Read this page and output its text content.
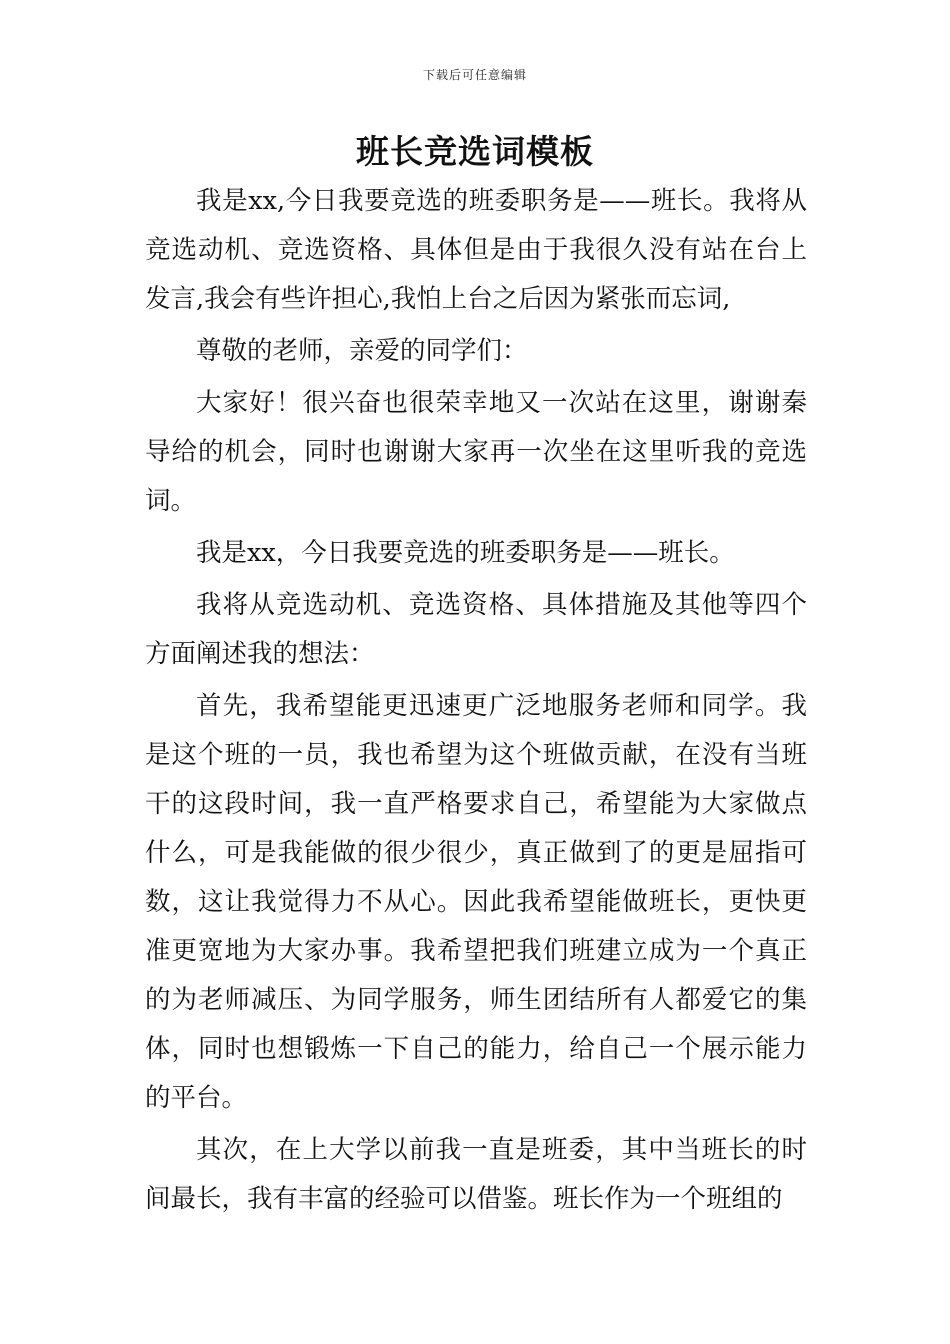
下载后可任意编辑
班长竞选词模板

我是xx,今日我要竞选的班委职务是——班长。我将从竞选动机、竞选资格、具体但是由于我很久没有站在台上发言,我会有些许担心,我怕上台之后因为紧张而忘词,

尊敬的老师，亲爱的同学们：

大家好！很兴奋也很荣幸地又一次站在这里，谢谢秦导给的机会，同时也谢谢大家再一次坐在这里听我的竞选词。

我是xx，今日我要竞选的班委职务是——班长。

我将从竞选动机、竞选资格、具体措施及其他等四个方面阐述我的想法：

首先，我希望能更迅速更广泛地服务老师和同学。我是这个班的一员，我也希望为这个班做贡献，在没有当班干的这段时间，我一直严格要求自己，希望能为大家做点什么，可是我能做的很少很少，真正做到了的更是屈指可数，这让我觉得力不从心。因此我希望能做班长，更快更准更宽地为大家办事。我希望把我们班建立成为一个真正的为老师减压、为同学服务，师生团结所有人都爱它的集体，同时也想锻炼一下自己的能力，给自己一个展示能力的平台。

其次，在上大学以前我一直是班委，其中当班长的时间最长，我有丰富的经验可以借鉴。班长作为一个班组的
